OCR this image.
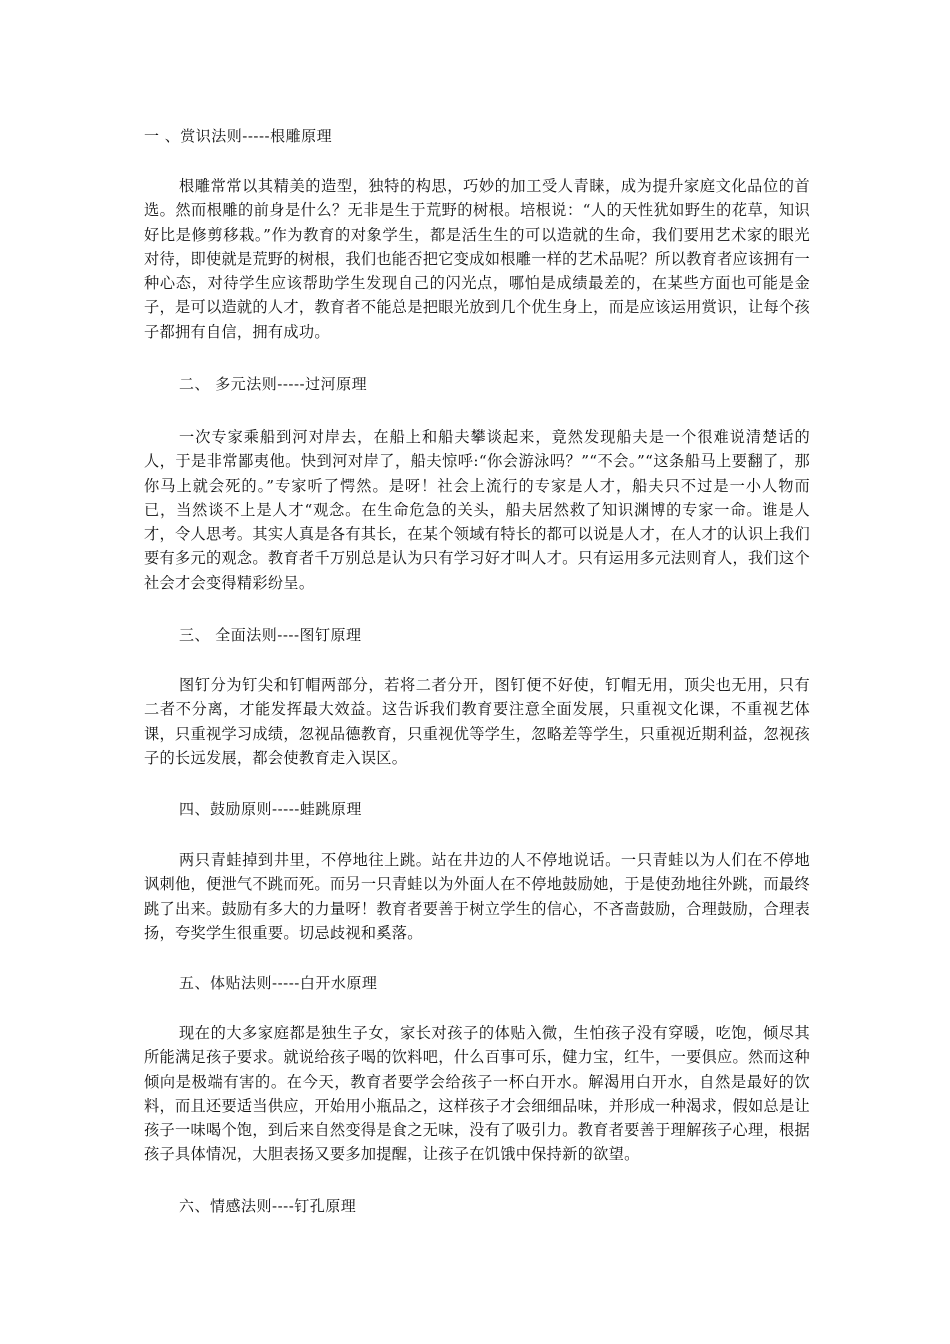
一 、赏识法则-----根雕原理
根雕常常以其精美的造型，独特的构思，巧妙的加工受人青睐，成为提升家庭文化品位的首选。然而根雕的前身是什么？无非是生于荒野的树根。培根说：“人的天性犹如野生的花草，知识好比是修剪移栽。”作为教育的对象学生，都是活生生的可以造就的生命，我们要用艺术家的眼光对待，即使就是荒野的树根，我们也能否把它变成如根雕一样的艺术品呢？所以教育者应该拥有一种心态，对待学生应该帮助学生发现自己的闪光点，哪怕是成绩最差的，在某些方面也可能是金子，是可以造就的人才，教育者不能总是把眼光放到几个优生身上，而是应该运用赏识，让每个孩子都拥有自信，拥有成功。
二、 多元法则-----过河原理
一次专家乘船到河对岸去，在船上和船夫攀谈起来，竟然发现船夫是一个很难说清楚话的人，于是非常鄙夷他。快到河对岸了，船夫惊呼:“你会游泳吗？”“不会。”“这条船马上要翻了，那你马上就会死的。”专家听了愕然。是呀！社会上流行的专家是人才，船夫只不过是一小人物而已，当然谈不上是人才“观念。在生命危急的关头，船夫居然救了知识渊博的专家一命。谁是人才，令人思考。其实人真是各有其长，在某个领域有特长的都可以说是人才，在人才的认识上我们要有多元的观念。教育者千万别总是认为只有学习好才叫人才。只有运用多元法则育人，我们这个社会才会变得精彩纷呈。
三、 全面法则----图钉原理
图钉分为钉尖和钉帽两部分，若将二者分开，图钉便不好使，钉帽无用，顶尖也无用，只有二者不分离，才能发挥最大效益。这告诉我们教育要注意全面发展，只重视文化课，不重视艺体课，只重视学习成绩，忽视品德教育，只重视优等学生，忽略差等学生，只重视近期利益，忽视孩子的长远发展，都会使教育走入误区。
四、鼓励原则-----蛙跳原理
两只青蛙掉到井里，不停地往上跳。站在井边的人不停地说话。一只青蛙以为人们在不停地讽刺他，便泄气不跳而死。而另一只青蛙以为外面人在不停地鼓励她，于是使劲地往外跳，而最终跳了出来。鼓励有多大的力量呀！教育者要善于树立学生的信心，不吝啬鼓励，合理鼓励，合理表扬，夸奖学生很重要。切忌歧视和奚落。
五、体贴法则-----白开水原理
现在的大多家庭都是独生子女，家长对孩子的体贴入微，生怕孩子没有穿暖，吃饱，倾尽其所能满足孩子要求。就说给孩子喝的饮料吧，什么百事可乐，健力宝，红牛，一要俱应。然而这种倾向是极端有害的。在今天，教育者要学会给孩子一杯白开水。解渴用白开水，自然是最好的饮料，而且还要适当供应，开始用小瓶品之，这样孩子才会细细品味，并形成一种渴求，假如总是让孩子一味喝个饱，到后来自然变得是食之无味，没有了吸引力。教育者要善于理解孩子心理，根据孩子具体情况，大胆表扬又要多加提醒，让孩子在饥饿中保持新的欲望。
六、情感法则----钉孔原理
